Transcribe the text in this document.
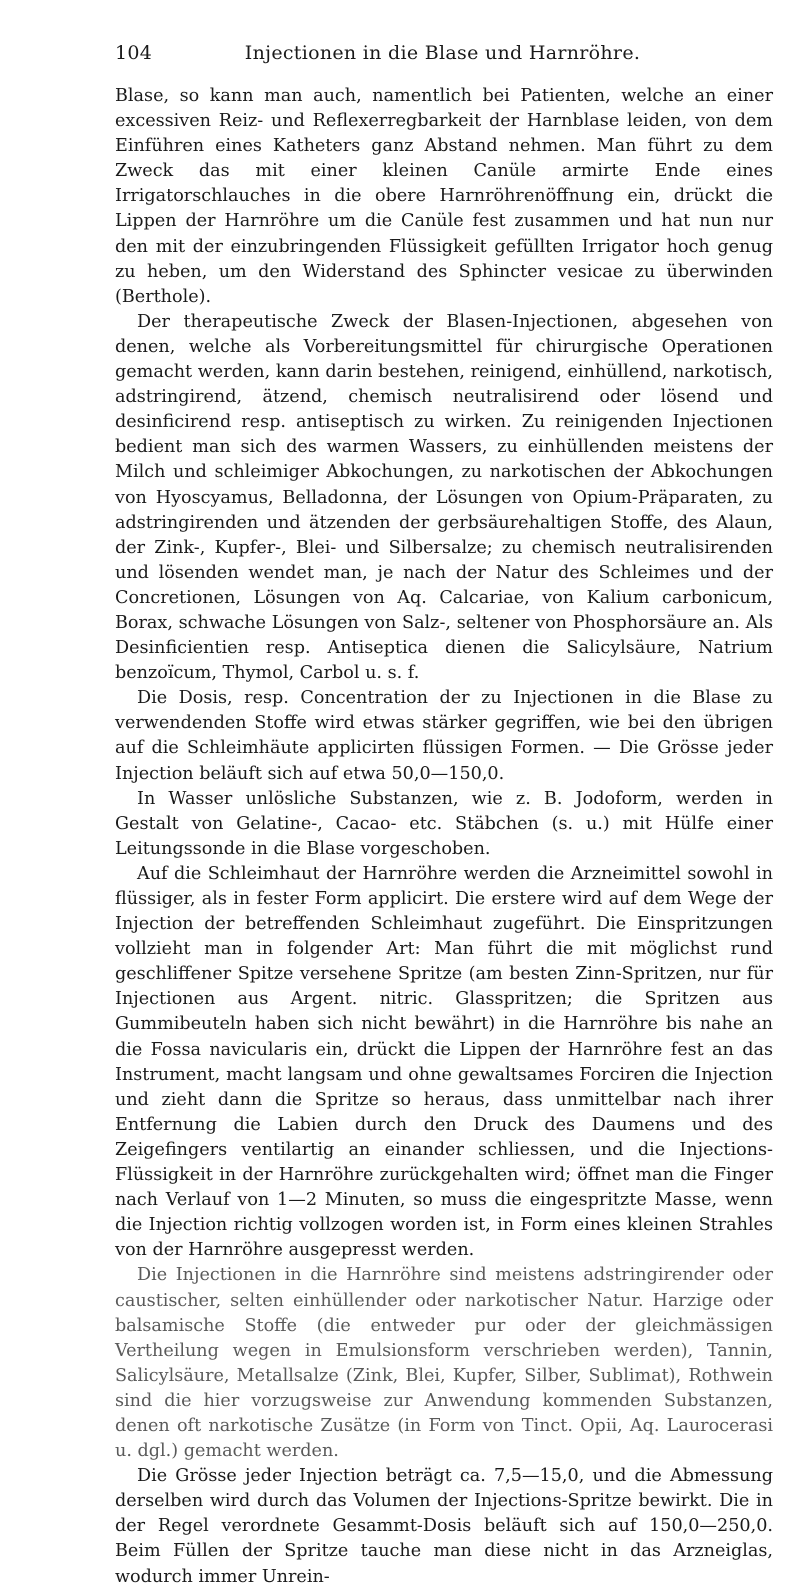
104	Injectionen in die Blase und Harnröhre.

Blase, so kann man auch, namentlich bei Patienten, welche an einer excessiven Reiz- und Reflexerregbarkeit der Harnblase leiden, von dem Einführen eines Katheters ganz Abstand nehmen. Man führt zu dem Zweck das mit einer kleinen Canüle armirte Ende eines Irrigatorschlauches in die obere Harnröhrenöffnung ein, drückt die Lippen der Harnröhre um die Canüle fest zusammen und hat nun nur den mit der einzubringenden Flüssigkeit gefüllten Irrigator hoch genug zu heben, um den Widerstand des Sphincter vesicae zu überwinden (Berthole).

Der therapeutische Zweck der Blasen-Injectionen, abgesehen von denen, welche als Vorbereitungsmittel für chirurgische Operationen gemacht werden, kann darin bestehen, reinigend, einhüllend, narkotisch, adstringirend, ätzend, chemisch neutralisirend oder lösend und desinficirend resp. antiseptisch zu wirken. Zu reinigenden Injectionen bedient man sich des warmen Wassers, zu einhüllenden meistens der Milch und schleimiger Abkochungen, zu narkotischen der Abkochungen von Hyoscyamus, Belladonna, der Lösungen von Opium-Präparaten, zu adstringirenden und ätzenden der gerbsäurehaltigen Stoffe, des Alaun, der Zink-, Kupfer-, Blei- und Silbersalze; zu chemisch neutralisirenden und lösenden wendet man, je nach der Natur des Schleimes und der Concretionen, Lösungen von Aq. Calcariae, von Kalium carbonicum, Borax, schwache Lösungen von Salz-, seltener von Phosphorsäure an. Als Desinficientien resp. Antiseptica dienen die Salicylsäure, Natrium benzoïcum, Thymol, Carbol u. s. f.

Die Dosis, resp. Concentration der zu Injectionen in die Blase zu verwendenden Stoffe wird etwas stärker gegriffen, wie bei den übrigen auf die Schleimhäute applicirten flüssigen Formen. — Die Grösse jeder Injection beläuft sich auf etwa 50,0—150,0.

In Wasser unlösliche Substanzen, wie z. B. Jodoform, werden in Gestalt von Gelatine-, Cacao- etc. Stäbchen (s. u.) mit Hülfe einer Leitungssonde in die Blase vorgeschoben.

Auf die Schleimhaut der Harnröhre werden die Arzneimittel sowohl in flüssiger, als in fester Form applicirt. Die erstere wird auf dem Wege der Injection der betreffenden Schleimhaut zugeführt. Die Einspritzungen vollzieht man in folgender Art: Man führt die mit möglichst rund geschliffener Spitze versehene Spritze (am besten Zinn-Spritzen, nur für Injectionen aus Argent. nitric. Glasspritzen; die Spritzen aus Gummibeuteln haben sich nicht bewährt) in die Harnröhre bis nahe an die Fossa navicularis ein, drückt die Lippen der Harnröhre fest an das Instrument, macht langsam und ohne gewaltsames Forciren die Injection und zieht dann die Spritze so heraus, dass unmittelbar nach ihrer Entfernung die Labien durch den Druck des Daumens und des Zeigefingers ventilartig an einander schliessen, und die Injections-Flüssigkeit in der Harnröhre zurückgehalten wird; öffnet man die Finger nach Verlauf von 1—2 Minuten, so muss die eingespritzte Masse, wenn die Injection richtig vollzogen worden ist, in Form eines kleinen Strahles von der Harnröhre ausgepresst werden.

Die Injectionen in die Harnröhre sind meistens adstringirender oder caustischer, selten einhüllender oder narkotischer Natur. Harzige oder balsamische Stoffe (die entweder pur oder der gleichmässigen Vertheilung wegen in Emulsionsform verschrieben werden), Tannin, Salicylsäure, Metallsalze (Zink, Blei, Kupfer, Silber, Sublimat), Rothwein sind die hier vorzugsweise zur Anwendung kommenden Substanzen, denen oft narkotische Zusätze (in Form von Tinct. Opii, Aq. Laurocerasi u. dgl.) gemacht werden.

Die Grösse jeder Injection beträgt ca. 7,5—15,0, und die Abmessung derselben wird durch das Volumen der Injections-Spritze bewirkt. Die in der Regel verordnete Gesammt-Dosis beläuft sich auf 150,0—250,0. Beim Füllen der Spritze tauche man diese nicht in das Arzneiglas, wodurch immer Unrein-
